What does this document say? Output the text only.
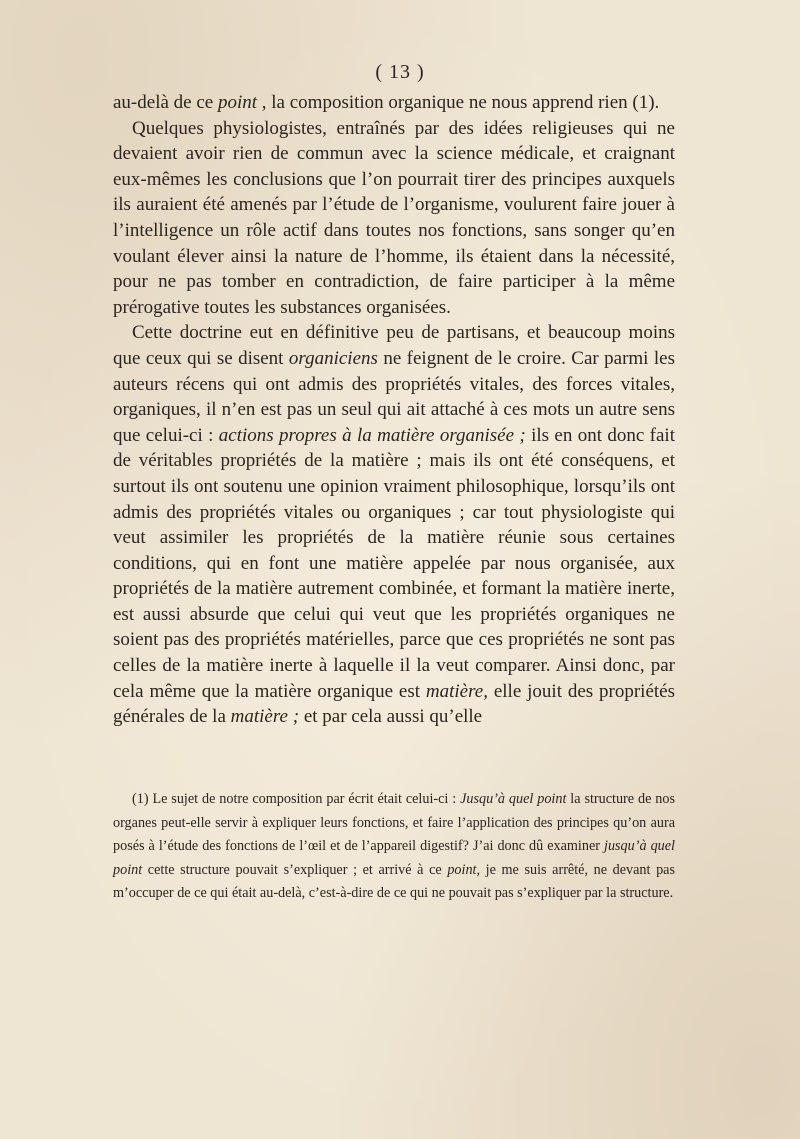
( 13 )

au-delà de ce point , la composition organique ne nous apprend rien (1).

Quelques physiologistes, entraînés par des idées religieuses qui ne devaient avoir rien de commun avec la science médicale, et craignant eux-mêmes les conclusions que l’on pourrait tirer des principes auxquels ils auraient été amenés par l’étude de l’organisme, voulurent faire jouer à l’intelligence un rôle actif dans toutes nos fonctions, sans songer qu’en voulant élever ainsi la nature de l’homme, ils étaient dans la nécessité, pour ne pas tomber en contradiction, de faire participer à la même prérogative toutes les substances organisées.

Cette doctrine eut en définitive peu de partisans, et beaucoup moins que ceux qui se disent organiciens ne feignent de le croire. Car parmi les auteurs récens qui ont admis des propriétés vitales, des forces vitales, organiques, il n’en est pas un seul qui ait attaché à ces mots un autre sens que celui-ci : actions propres à la matière organisée ; ils en ont donc fait de véritables propriétés de la matière ; mais ils ont été conséquens, et surtout ils ont soutenu une opinion vraiment philosophique, lorsqu’ils ont admis des propriétés vitales ou organiques ; car tout physiologiste qui veut assimiler les propriétés de la matière réunie sous certaines conditions, qui en font une matière appelée par nous organisée, aux propriétés de la matière autrement combinée, et formant la matière inerte, est aussi absurde que celui qui veut que les propriétés organiques ne soient pas des propriétés matérielles, parce que ces propriétés ne sont pas celles de la matière inerte à laquelle il la veut comparer. Ainsi donc, par cela même que la matière organique est matière, elle jouit des propriétés générales de la matière ; et par cela aussi qu’elle

(1) Le sujet de notre composition par écrit était celui-ci : Jusqu’à quel point la structure de nos organes peut-elle servir à expliquer leurs fonctions, et faire l’application des principes qu’on aura posés à l’étude des fonctions de l’œil et de l’appareil digestif? J’ai donc dû examiner jusqu’à quel point cette structure pouvait s’expliquer ; et arrivé à ce point, je me suis arrêté, ne devant pas m’occuper de ce qui était au-delà, c’est-à-dire de ce qui ne pouvait pas s’expliquer par la structure.
